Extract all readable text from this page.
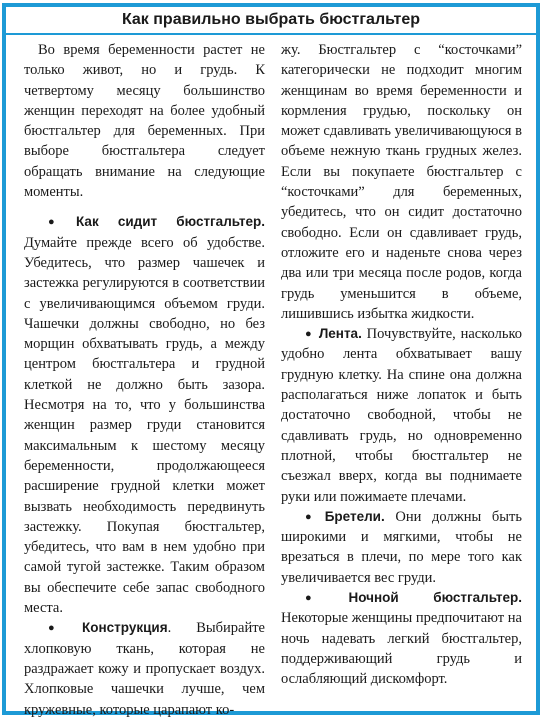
Как правильно выбрать бюстгальтер

Во время беременности растет не только живот, но и грудь. К четвертому месяцу большинство женщин переходят на более удобный бюстгальтер для беременных. При выборе бюстгальтера следует обращать внимание на следующие моменты.

● Как сидит бюстгальтер. Думайте прежде всего об удобстве. Убедитесь, что размер чашечек и застежка регулируются в соответствии с увеличивающимся объемом груди. Чашечки должны свободно, но без морщин обхватывать грудь, а между центром бюстгальтера и грудной клеткой не должно быть зазора. Несмотря на то, что у большинства женщин размер груди становится максимальным к шестому месяцу беременности, продолжающееся расширение грудной клетки может вызвать необходимость передвинуть застежку. Покупая бюстгальтер, убедитесь, что вам в нем удобно при самой тугой застежке. Таким образом вы обеспечите себе запас свободного места.

● Конструкция. Выбирайте хлопковую ткань, которая не раздражает кожу и пропускает воздух. Хлопковые чашечки лучше, чем кружевные, которые царапают ко-

жу. Бюстгальтер с “косточками” категорически не подходит многим женщинам во время беременности и кормления грудью, поскольку он может сдавливать увеличивающуюся в объеме нежную ткань грудных желез. Если вы покупаете бюстгальтер с “косточками” для беременных, убедитесь, что он сидит достаточно свободно. Если он сдавливает грудь, отложите его и наденьте снова через два или три месяца после родов, когда грудь уменьшится в объеме, лишившись избытка жидкости.

● Лента. Почувствуйте, насколько удобно лента обхватывает вашу грудную клетку. На спине она должна располагаться ниже лопаток и быть достаточно свободной, чтобы не сдавливать грудь, но одновременно плотной, чтобы бюстгальтер не съезжал вверх, когда вы поднимаете руки или пожимаете плечами.

● Бретели. Они должны быть широкими и мягкими, чтобы не врезаться в плечи, по мере того как увеличивается вес груди.

● Ночной бюстгальтер. Некоторые женщины предпочитают на ночь надевать легкий бюстгальтер, поддерживающий грудь и ослабляющий дискомфорт.
